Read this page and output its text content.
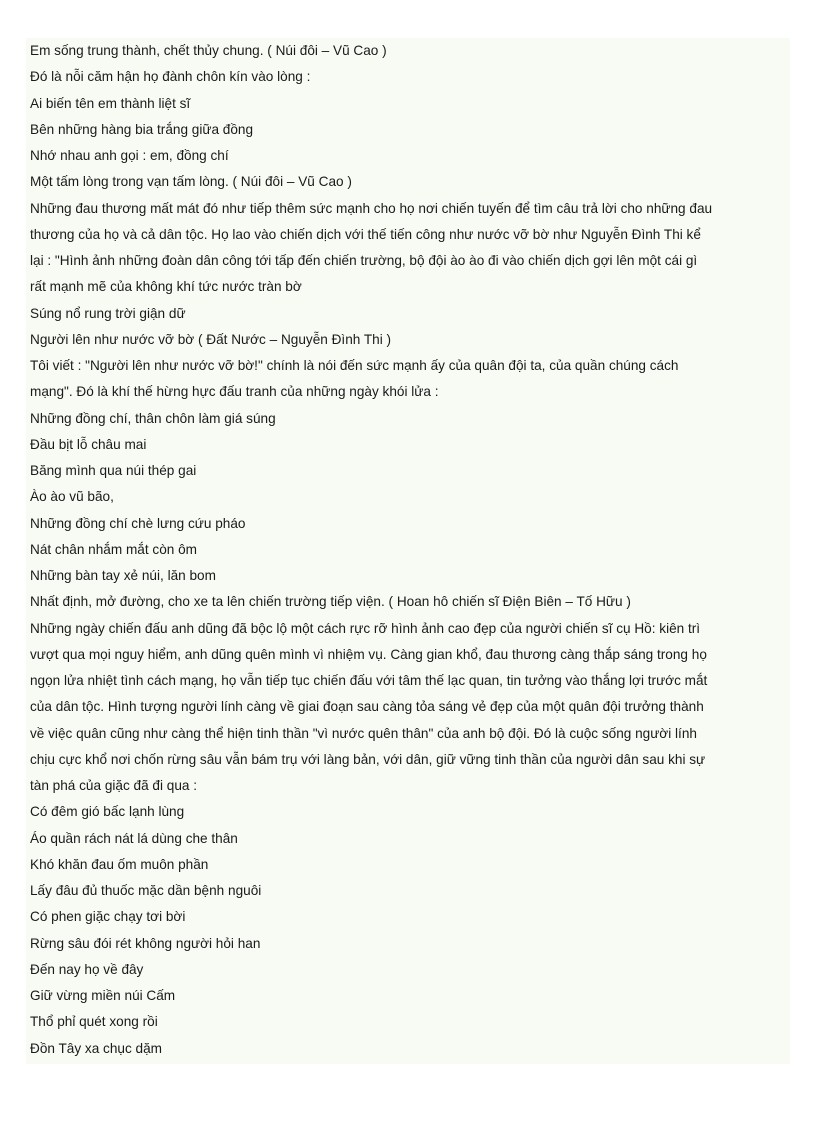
Em sống trung thành, chết thủy chung. ( Núi đôi – Vũ Cao )
Đó là nỗi căm hận họ đành chôn kín vào lòng :
Ai biến tên em thành liệt sĩ
Bên những hàng bia trắng giữa đồng
Nhớ nhau anh gọi : em, đồng chí
Một tấm lòng trong vạn tấm lòng. ( Núi đôi – Vũ Cao )
Những đau thương mất mát đó như tiếp thêm sức mạnh cho họ nơi chiến tuyến để tìm câu trả lời cho những đau
thương của họ và cả dân tộc. Họ lao vào chiến dịch với thế tiến công như nước vỡ bờ như Nguyễn Đình Thi kể
lại : "Hình ảnh những đoàn dân công tới tấp đến chiến trường, bộ đội ào ào đi vào chiến dịch gợi lên một cái gì
rất mạnh mẽ của không khí tức nước tràn bờ
Súng nổ rung trời giận dữ
Người lên như nước vỡ bờ ( Đất Nước – Nguyễn Đình Thi )
Tôi viết : "Người lên như nước vỡ bờ!" chính là nói đến sức mạnh ấy của quân đội ta, của quần chúng cách
mạng". Đó là khí thế hừng hực đấu tranh của những ngày khói lửa :
Những đồng chí, thân chôn làm giá súng
Đầu bịt lỗ châu mai
Băng mình qua núi thép gai
Ào ào vũ bão,
Những đồng chí chè lưng cứu pháo
Nát chân nhắm mắt còn ôm
Những bàn tay xẻ núi, lăn bom
Nhất định, mở đường, cho xe ta lên chiến trường tiếp viện. ( Hoan hô chiến sĩ Điện Biên – Tố Hữu )
Những ngày chiến đấu anh dũng đã bộc lộ một cách rực rỡ hình ảnh cao đẹp của người chiến sĩ cụ Hồ: kiên trì
vượt qua mọi nguy hiểm, anh dũng quên mình vì nhiệm vụ. Càng gian khổ, đau thương càng thắp sáng trong họ
ngọn lửa nhiệt tình cách mạng, họ vẫn tiếp tục chiến đấu với tâm thế lạc quan, tin tưởng vào thắng lợi trước mắt
của dân tộc. Hình tượng người lính càng về giai đoạn sau càng tỏa sáng vẻ đẹp của một quân đội trưởng thành
về việc quân cũng như càng thể hiện tinh thần "vì nước quên thân" của anh bộ đội. Đó là cuộc sống người lính
chịu cực khổ nơi chốn rừng sâu vẫn bám trụ với làng bản, với dân, giữ vững tinh thần của người dân sau khi sự
tàn phá của giặc đã đi qua :
Có đêm gió bấc lạnh lùng
Áo quần rách nát lá dùng che thân
Khó khăn đau ốm muôn phần
Lấy đâu đủ thuốc mặc dần bệnh nguôi
Có phen giặc chạy tơi bời
Rừng sâu đói rét không người hỏi han
Đến nay họ về đây
Giữ vừng miền núi Cấm
Thổ phỉ quét xong rồi
Đồn Tây xa chục dặm
